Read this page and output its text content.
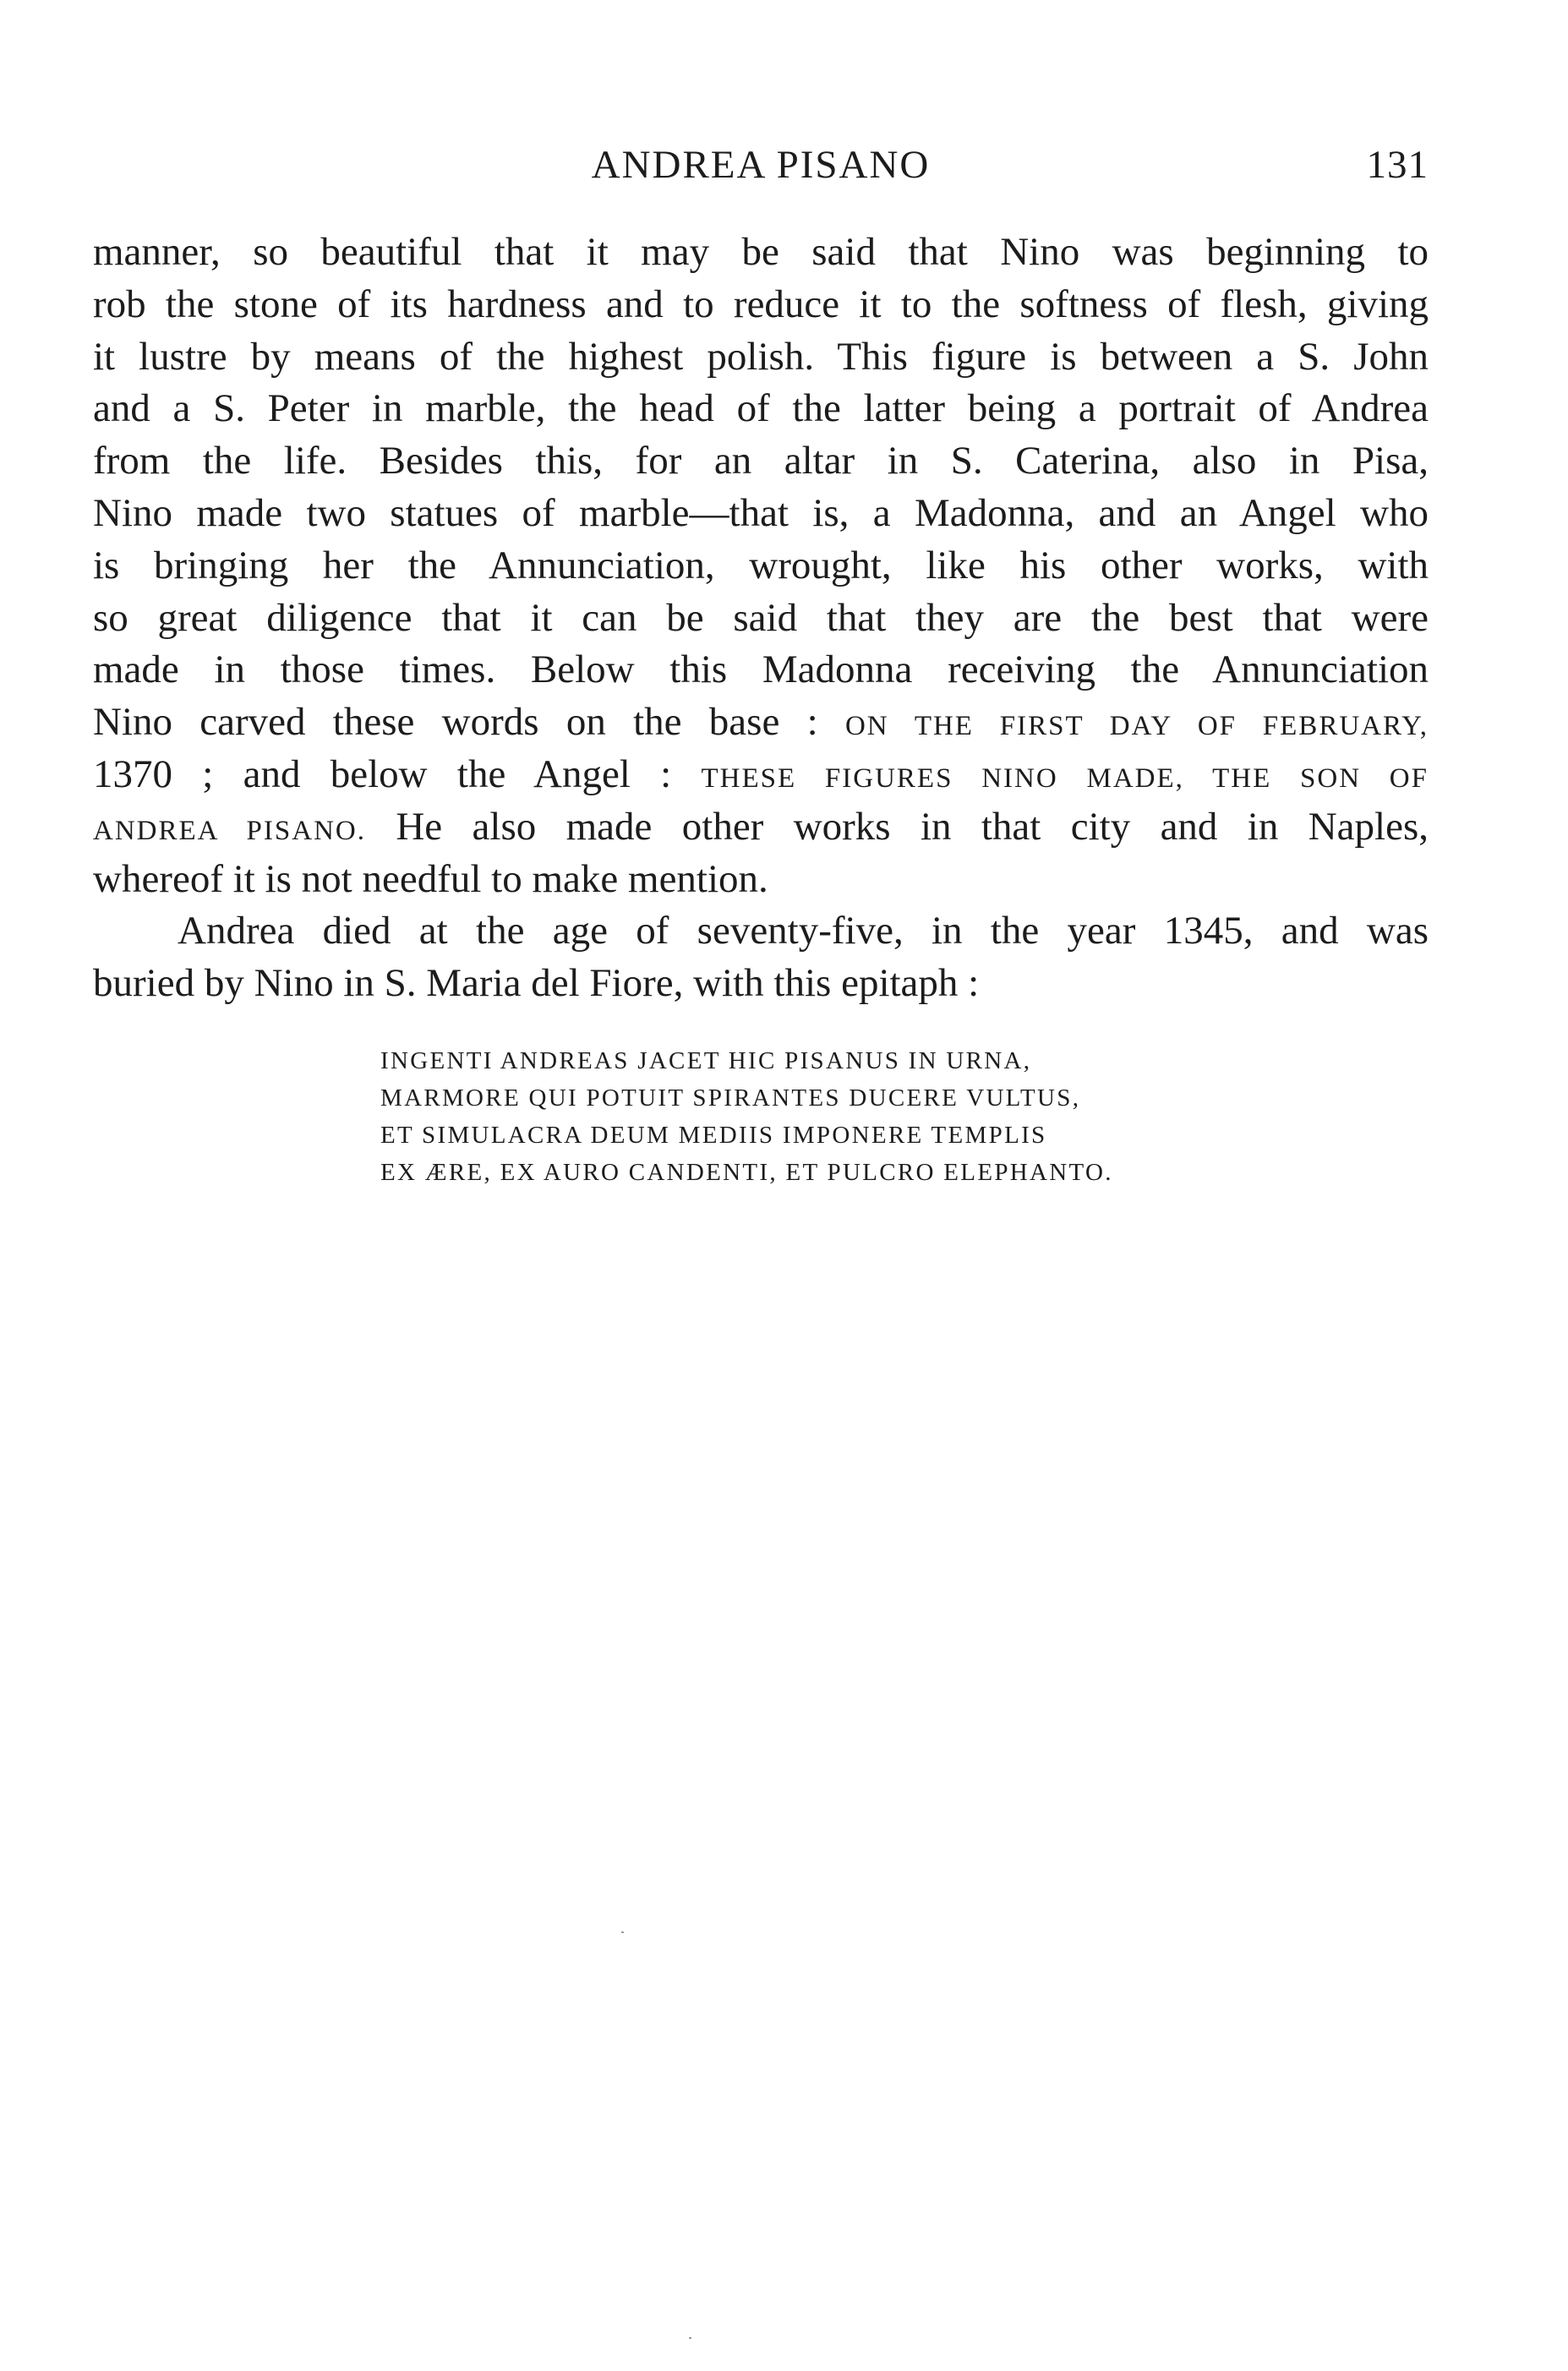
ANDREA PISANO	131
manner, so beautiful that it may be said that Nino was beginning to
rob the stone of its hardness and to reduce it to the softness of flesh, giving
it lustre by means of the highest polish. This figure is between a S. John
and a S. Peter in marble, the head of the latter being a portrait of Andrea
from the life. Besides this, for an altar in S. Caterina, also in Pisa,
Nino made two statues of marble—that is, a Madonna, and an Angel who
is bringing her the Annunciation, wrought, like his other works, with
so great diligence that it can be said that they are the best that were
made in those times. Below this Madonna receiving the Annunciation
Nino carved these words on the base : ON THE FIRST DAY OF FEBRUARY,
1370 ; and below the Angel : THESE FIGURES NINO MADE, THE SON OF
ANDREA PISANO. He also made other works in that city and in Naples,
whereof it is not needful to make mention.
Andrea died at the age of seventy-five, in the year 1345, and was
buried by Nino in S. Maria del Fiore, with this epitaph :
INGENTI ANDREAS JACET HIC PISANUS IN URNA,
MARMORE QUI POTUIT SPIRANTES DUCERE VULTUS,
ET SIMULACRA DEUM MEDIIS IMPONERE TEMPLIS
EX ÆRE, EX AURO CANDENTI, ET PULCRO ELEPHANTO.
